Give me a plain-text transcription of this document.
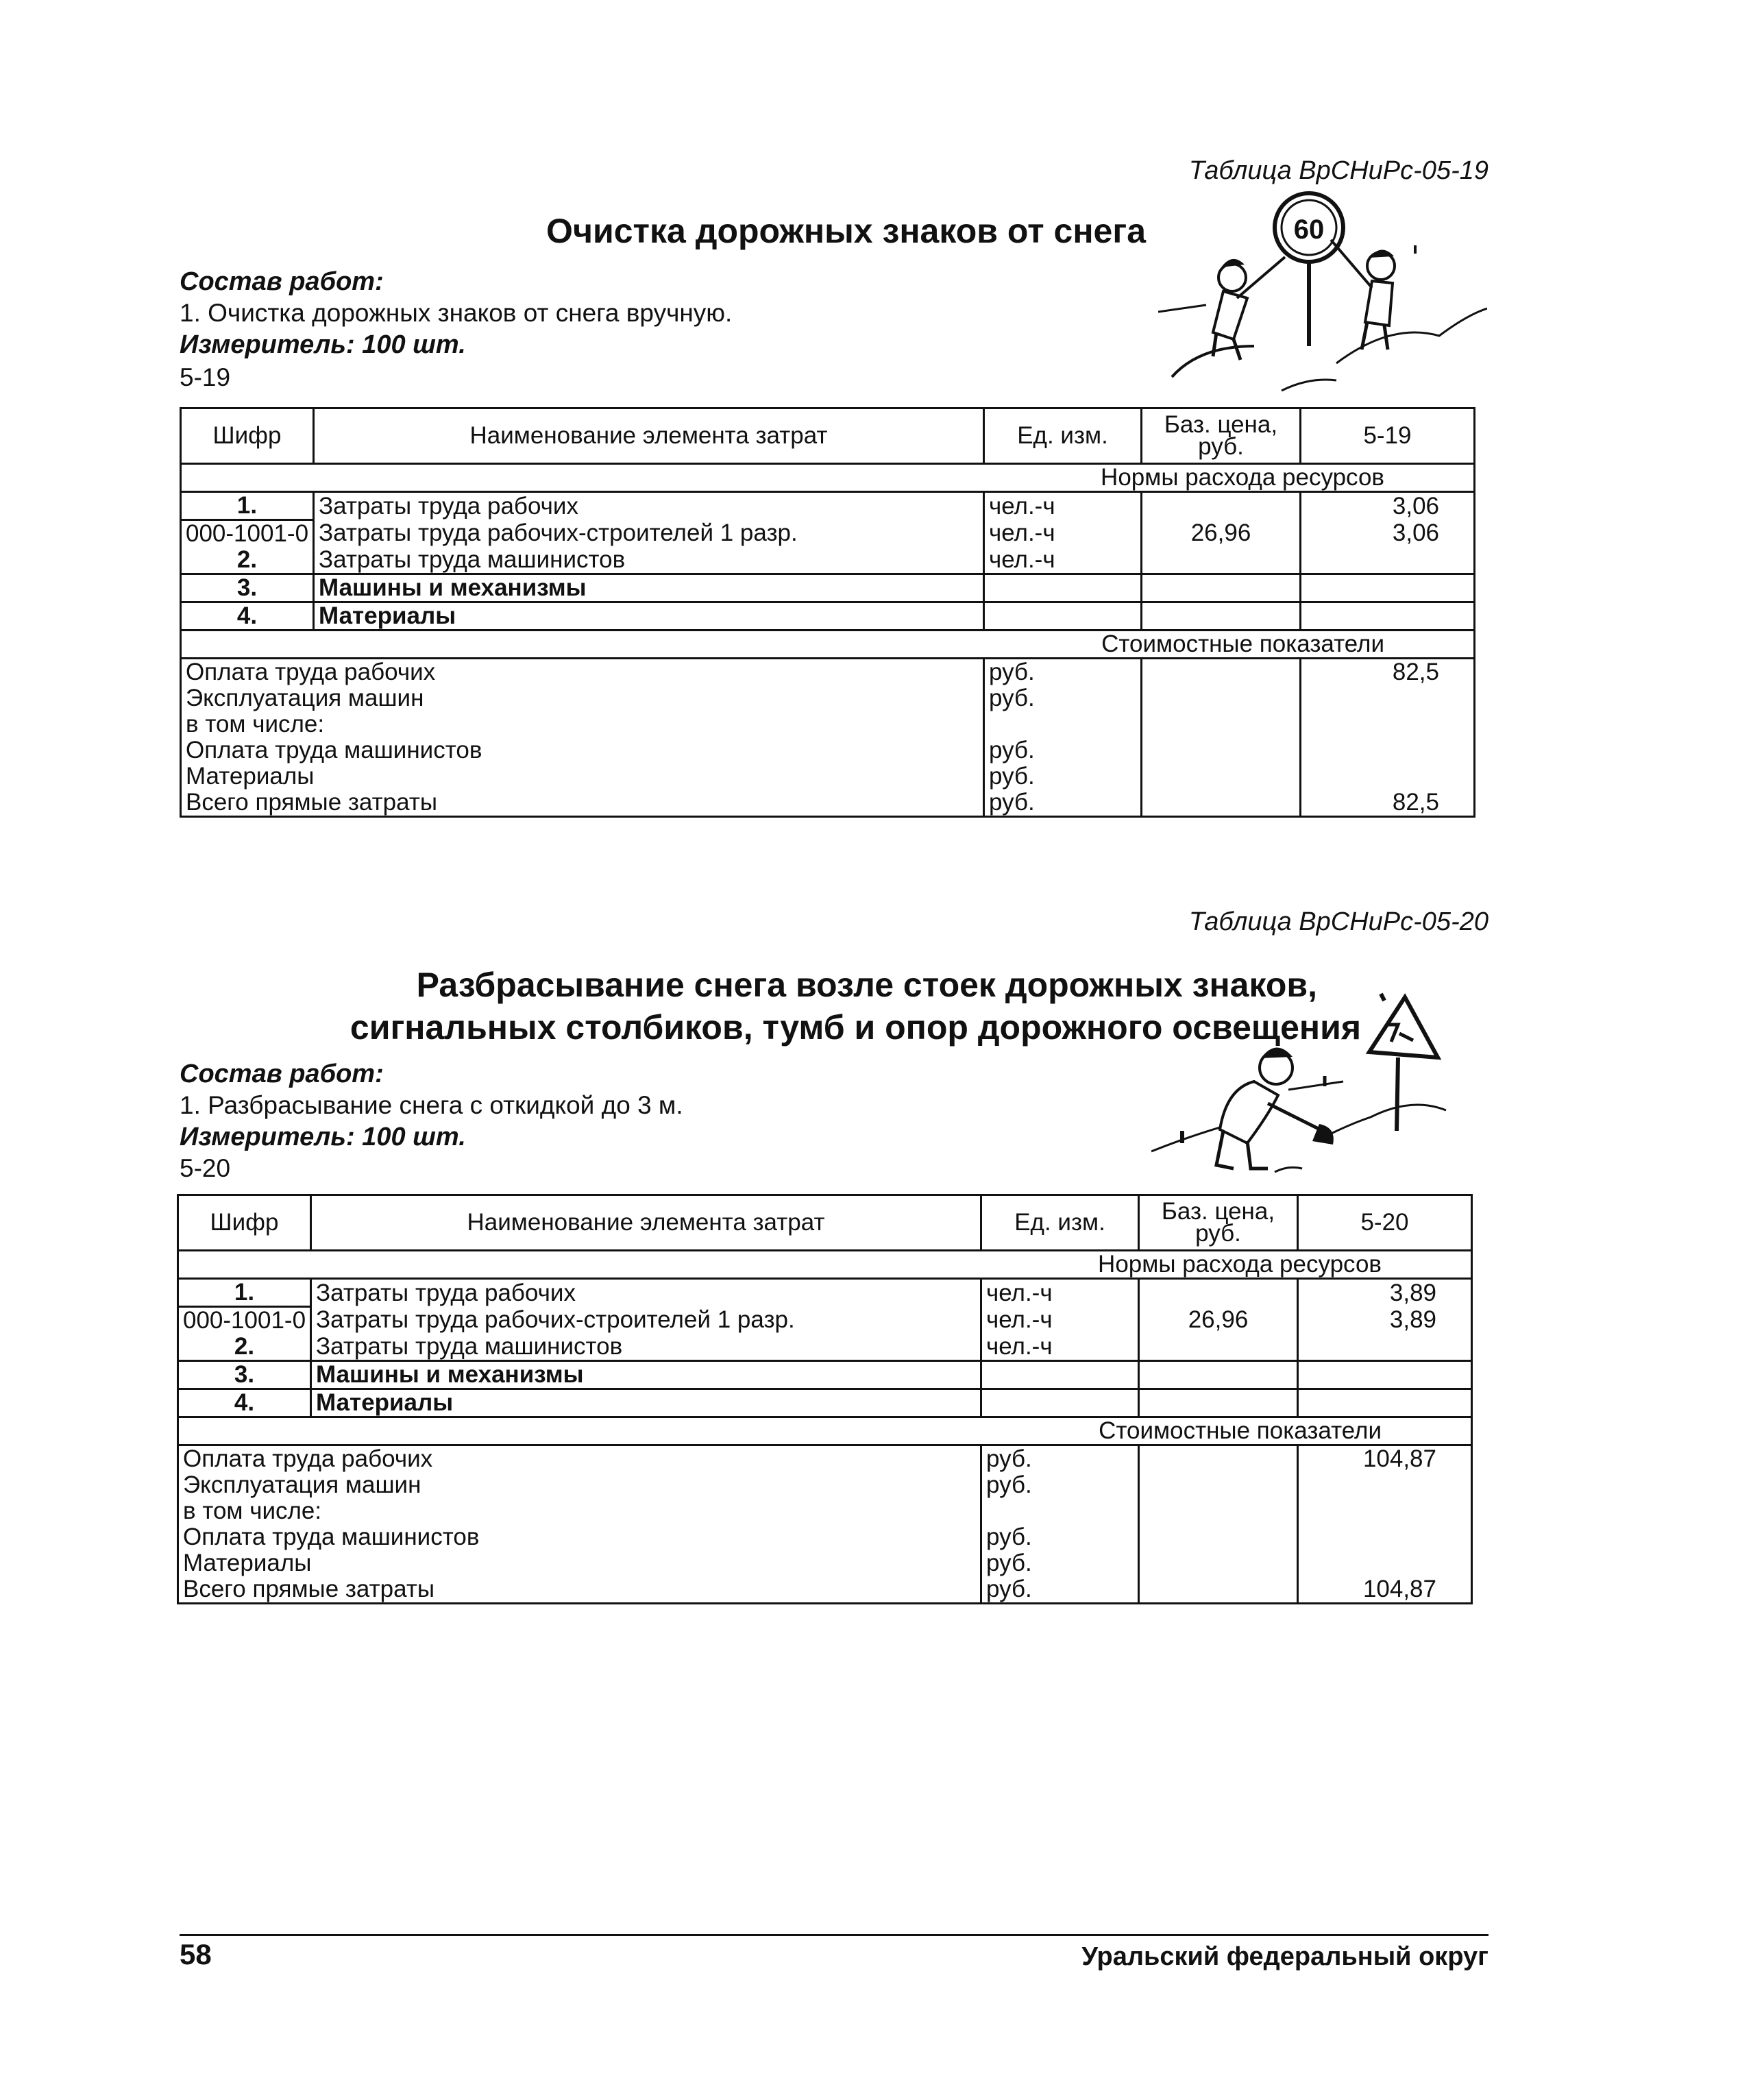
Таблица ВрСНиРс-05-19
Очистка дорожных знаков от снега
Состав работ:
1. Очистка дорожных знаков от снега вручную.
Измеритель: 100 шт.
5-19
60
Шифр	Наименование элемента затрат	Ед. изм.	Баз. цена, руб.	5-19
Нормы расхода ресурсов				
1.	Затраты труда рабочих	чел.-ч		3,06
000-1001-0	Затраты труда рабочих-строителей 1 разр.	чел.-ч	26,96	3,06
2.	Затраты труда машинистов	чел.-ч		
3.	Машины и механизмы			
4.	Материалы			
Стоимостные показатели				
Оплата труда рабочих		руб.		82,5
Эксплуатация машин		руб.		
в том числе:				
Оплата труда машинистов		руб.		
Материалы		руб.		
Всего прямые затраты		руб.		82,5
Таблица ВрСНиРс-05-20
Разбрасывание снега возле стоек дорожных знаков,
сигнальных столбиков, тумб и опор дорожного освещения
Состав работ:
1. Разбрасывание снега с откидкой до 3 м.
Измеритель: 100 шт.
5-20
Шифр	Наименование элемента затрат	Ед. изм.	Баз. цена, руб.	5-20
Нормы расхода ресурсов				
1.	Затраты труда рабочих	чел.-ч		3,89
000-1001-0	Затраты труда рабочих-строителей 1 разр.	чел.-ч	26,96	3,89
2.	Затраты труда машинистов	чел.-ч		
3.	Машины и механизмы			
4.	Материалы			
Стоимостные показатели				
Оплата труда рабочих		руб.		104,87
Эксплуатация машин		руб.		
в том числе:				
Оплата труда машинистов		руб.		
Материалы		руб.		
Всего прямые затраты		руб.		104,87
58	Уральский федеральный округ
